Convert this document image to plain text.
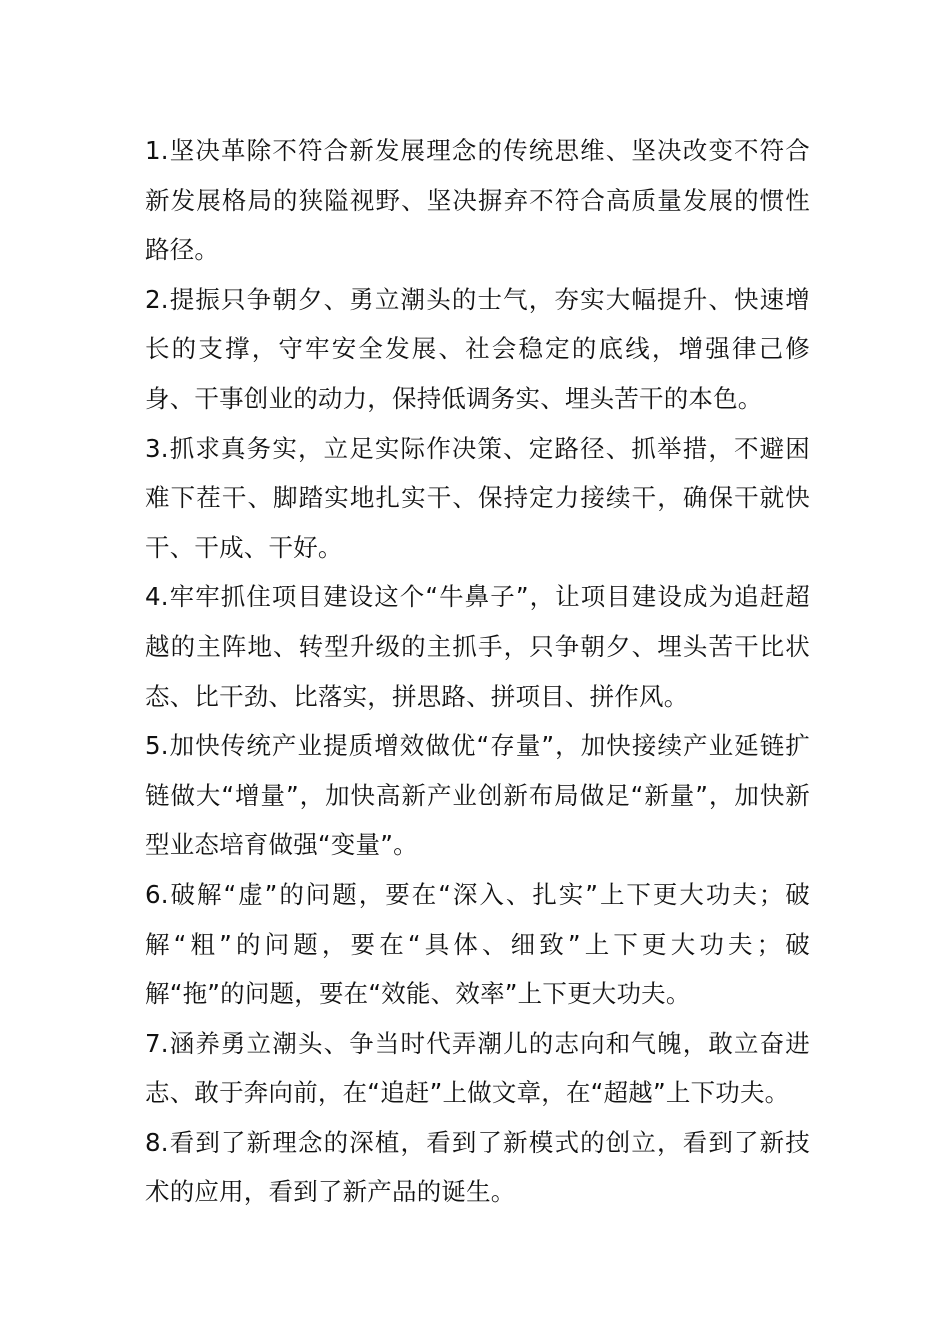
1.坚决革除不符合新发展理念的传统思维、坚决改变不符合新发展格局的狭隘视野、坚决摒弃不符合高质量发展的惯性路径。

2.提振只争朝夕、勇立潮头的士气，夯实大幅提升、快速增长的支撑，守牢安全发展、社会稳定的底线，增强律己修身、干事创业的动力，保持低调务实、埋头苦干的本色。

3.抓求真务实，立足实际作决策、定路径、抓举措，不避困难下茬干、脚踏实地扎实干、保持定力接续干，确保干就快干、干成、干好。

4.牢牢抓住项目建设这个“牛鼻子”，让项目建设成为追赶超越的主阵地、转型升级的主抓手，只争朝夕、埋头苦干比状态、比干劲、比落实，拼思路、拼项目、拼作风。

5.加快传统产业提质增效做优“存量”，加快接续产业延链扩链做大“增量”，加快高新产业创新布局做足“新量”，加快新型业态培育做强“变量”。

6.破解“虚”的问题，要在“深入、扎实”上下更大功夫；破解“粗”的问题，要在“具体、细致”上下更大功夫；破解“拖”的问题，要在“效能、效率”上下更大功夫。

7.涵养勇立潮头、争当时代弄潮儿的志向和气魄，敢立奋进志、敢于奔向前，在“追赶”上做文章，在“超越”上下功夫。

8.看到了新理念的深植，看到了新模式的创立，看到了新技术的应用，看到了新产品的诞生。
